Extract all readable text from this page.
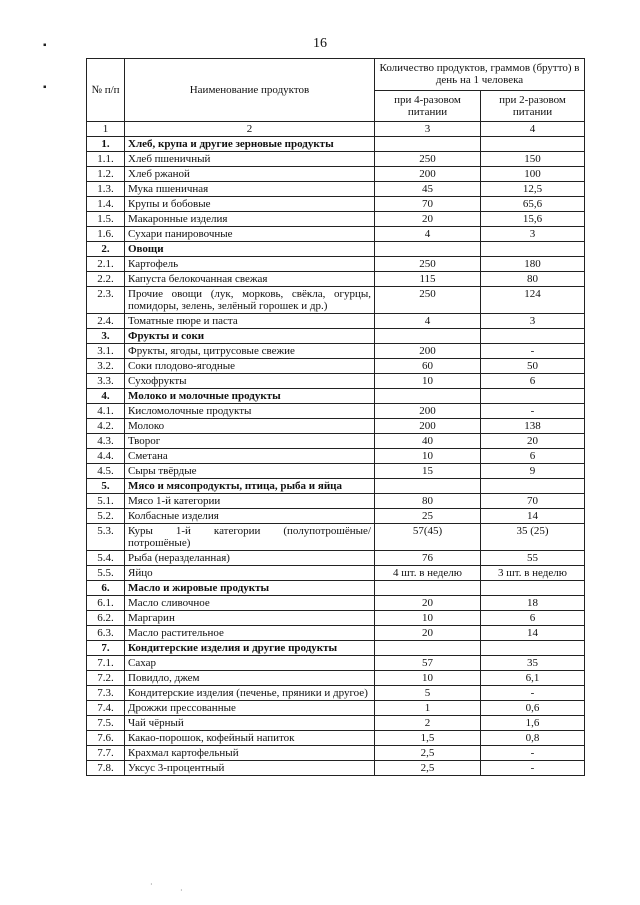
16
▪
▪	№ п/п	Наименование продуктов	Количество продуктов, граммов (брутто) в день на 1 человека	
		при 4-разовом питании	при 2-разовом питании
1	2	3	4
1.	Хлеб, крупа и другие зерновые продукты		
1.1.	Хлеб пшеничный	250	150
1.2.	Хлеб ржаной	200	100
1.3.	Мука пшеничная	45	12,5
1.4.	Крупы и бобовые	70	65,6
1.5.	Макаронные изделия	20	15,6
1.6.	Сухари панировочные	4	3
2.	Овощи		
2.1.	Картофель	250	180
2.2.	Капуста белокочанная свежая	115	80
2.3.	Прочие овощи (лук, морковь, свёкла, огурцы, помидоры, зелень, зелёный горошек и др.)	250	124
2.4.	Томатные пюре и паста	4	3
3.	Фрукты и соки		
3.1.	Фрукты, ягоды, цитрусовые свежие	200	-
3.2.	Соки плодово-ягодные	60	50
3.3.	Сухофрукты	10	6
4.	Молоко и молочные продукты		
4.1.	Кисломолочные продукты	200	-
4.2.	Молоко	200	138
4.3.	Творог	40	20
4.4.	Сметана	10	6
4.5.	Сыры твёрдые	15	9
5.	Мясо и мясопродукты, птица, рыба и яйца		
5.1.	Мясо 1-й категории	80	70
5.2.	Колбасные изделия	25	14
5.3.	Куры 1-й категории (полупотрошёные/потрошёные)	57(45)	35 (25)
5.4.	Рыба (неразделанная)	76	55
5.5.	Яйцо	4 шт. в неделю	3 шт. в неделю
6.	Масло и жировые продукты		
6.1.	Масло сливочное	20	18
6.2.	Маргарин	10	6
6.3.	Масло растительное	20	14
7.	Кондитерские изделия и другие продукты		
7.1.	Сахар	57	35
7.2.	Повидло, джем	10	6,1
7.3.	Кондитерские изделия (печенье, пряники и другое)	5	-
7.4.	Дрожжи прессованные	1	0,6
7.5.	Чай чёрный	2	1,6
7.6.	Какао-порошок, кофейный напиток	1,5	0,8
7.7.	Крахмал картофельный	2,5	-
7.8.	Уксус 3-процентный	2,5	-
·
·
